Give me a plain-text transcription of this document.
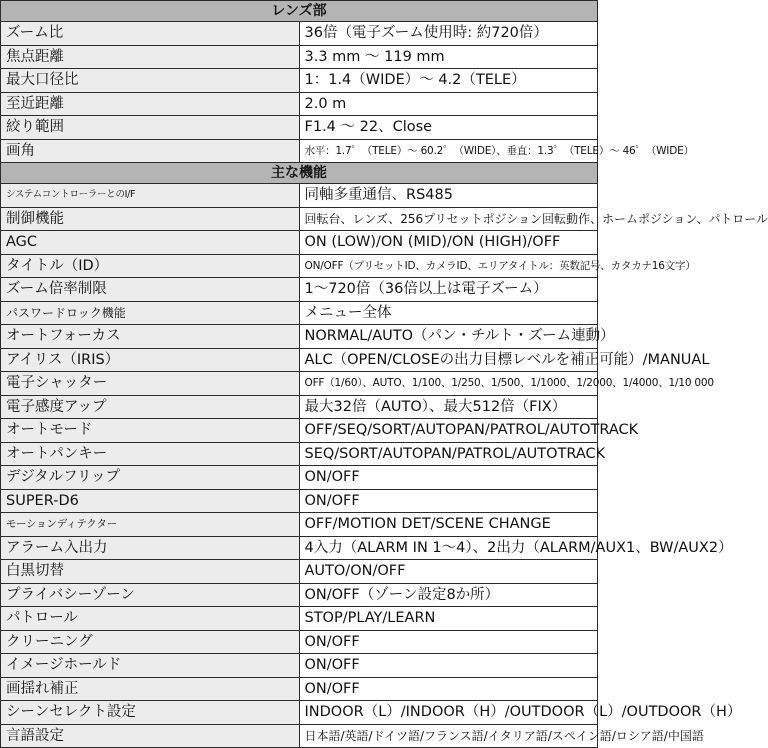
レンズ部	
ズーム比	36倍（電子ズーム使用時: 約720倍）
焦点距離	3.3 mm 〜 119 mm
最大口径比	1：1.4（WIDE）〜 4.2（TELE）
至近距離	2.0 m
絞り範囲	F1.4 〜 22、Close
画角	水平：1.7゜（TELE）〜 60.2゜（WIDE）、垂直：1.3゜（TELE）〜 46゜（WIDE）
主な機能	
システムコントローラーとのI/F	同軸多重通信、RS485
制御機能	回転台、レンズ、256プリセットポジション回転動作、ホームポジション、パトロール
AGC	ON (LOW)/ON (MID)/ON (HIGH)/OFF
タイトル（ID）	ON/OFF（プリセットID、カメラID、エリアタイトル：英数記号、カタカナ16文字）
ズーム倍率制限	1〜720倍（36倍以上は電子ズーム）
パスワードロック機能	メニュー全体
オートフォーカス	NORMAL/AUTO（パン・チルト・ズーム連動）
アイリス（IRIS）	ALC（OPEN/CLOSEの出力目標レベルを補正可能）/MANUAL
電子シャッター	OFF（1/60）、AUTO、1/100、1/250、1/500、1/1000、1/2000、1/4000、1/10 000
電子感度アップ	最大32倍（AUTO）、最大512倍（FIX）
オートモード	OFF/SEQ/SORT/AUTOPAN/PATROL/AUTOTRACK
オートパンキー	SEQ/SORT/AUTOPAN/PATROL/AUTOTRACK
デジタルフリップ	ON/OFF
SUPER-D6	ON/OFF
モーションディテクター	OFF/MOTION DET/SCENE CHANGE
アラーム入出力	4入力（ALARM IN 1〜4）、2出力（ALARM/AUX1、BW/AUX2）
白黒切替	AUTO/ON/OFF
プライバシーゾーン	ON/OFF（ゾーン設定8か所）
パトロール	STOP/PLAY/LEARN
クリーニング	ON/OFF
イメージホールド	ON/OFF
画揺れ補正	ON/OFF
シーンセレクト設定	INDOOR（L）/INDOOR（H）/OUTDOOR（L）/OUTDOOR（H）
言語設定	日本語/英語/ドイツ語/フランス語/イタリア語/スペイン語/ロシア語/中国語
